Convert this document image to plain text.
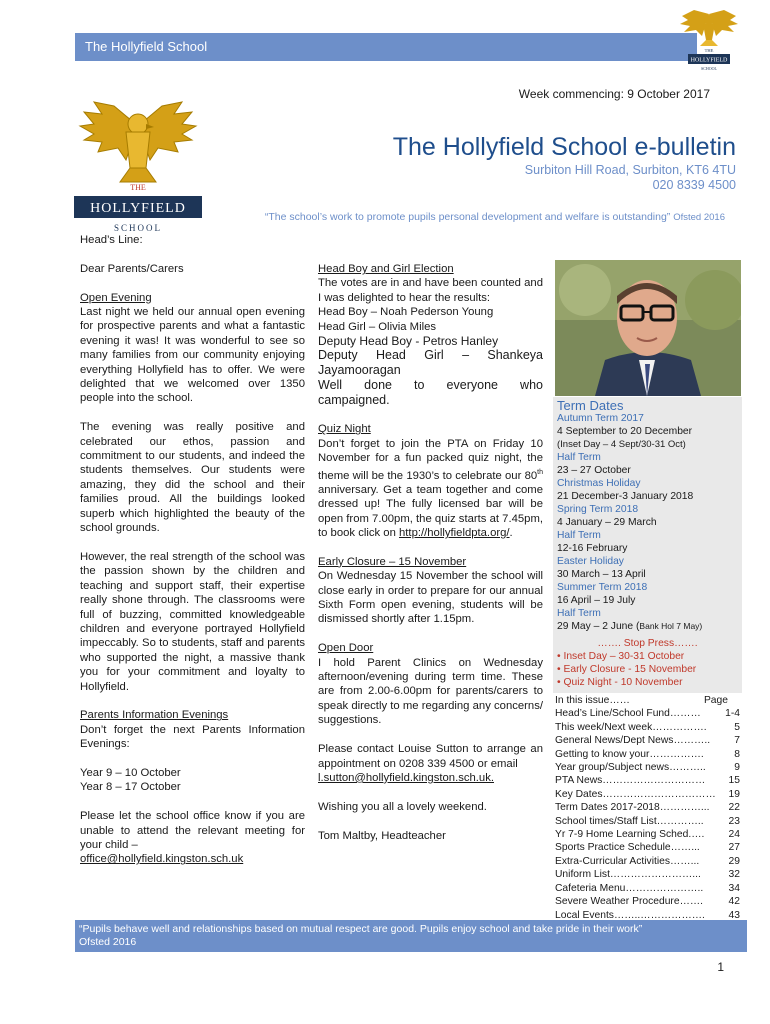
The Hollyfield School	THE
HOLLYFIELD
SCHOOL
Week commencing: 9 October 2017
THE
HOLLYFIELD
SCHOOL
The Hollyfield School e-bulletin
Surbiton Hill Road, Surbiton, KT6 4TU
020 8339 4500
“The school’s work to promote pupils personal development and welfare is outstanding” Ofsted 2016

Head’s Line:

Dear Parents/Carers

Open Evening

Last night we held our annual open evening for prospective parents and what a fantastic evening it was! It was wonderful to see so many families from our community enjoying everything Hollyfield has to offer. We were delighted that we welcomed over 1350 people into the school.

The evening was really positive and celebrated our ethos, passion and commitment to our students, and indeed the students themselves. Our students were amazing, they did the school and their families proud. All the buildings looked superb which highlighted the beauty of the school grounds.

However, the real strength of the school was the passion shown by the children and teaching and support staff, their expertise really shone through. The classrooms were full of buzzing, committed knowledgeable children and everyone portrayed Hollyfield impeccably. So to students, staff and parents who supported the night, a massive thank you for your commitment and loyalty to Hollyfield.

Parents Information Evenings

Don’t forget the next Parents Information Evenings:

Year 9 – 10 October

Year 8 – 17 October

Please let the school office know if you are unable to attend the relevant meeting for your child –
office@hollyfield.kingston.sch.uk
Head Boy and Girl Election
The votes are in and have been counted and I was delighted to hear the results:
Head Boy – Noah Pederson Young
Head Girl – Olivia Miles
Deputy Head Boy - Petros Hanley
Deputy Head Girl – Shankeya Jayamooragan

Well done to everyone who campaigned.

Quiz Night

Don’t forget to join the PTA on Friday 10 November for a fun packed quiz night, the theme will be the 1930’s to celebrate our 80th anniversary. Get a team together and come dressed up! The fully licensed bar will be open from 7.00pm, the quiz starts at 7.45pm, to book click on http://hollyfieldpta.org/.

Early Closure – 15 November

On Wednesday 15 November the school will close early in order to prepare for our annual Sixth Form open evening, students will be dismissed shortly after 1.15pm.

Open Door

I hold Parent Clinics on Wednesday afternoon/evening during term time. These are from 2.00-6.00pm for parents/carers to speak directly to me regarding any concerns/ suggestions.

Please contact Louise Sutton to arrange an appointment on 0208 339 4500 or email

l.sutton@hollyfield.kingston.sch.uk.

Wishing you all a lovely weekend.

Tom Maltby, Headteacher
Term Dates
Autumn Term 2017
4 September to 20 December
(Inset Day – 4 Sept/30-31 Oct)
Half Term
23 – 27 October
Christmas Holiday
21 December-3 January 2018
Spring Term 2018
4 January – 29 March
Half Term
12-16 February
Easter Holiday
30 March – 13 April
Summer Term 2018
16 April – 19 July
Half Term
29 May – 2 June (Bank Hol 7 May)
……. Stop Press…….
• Inset Day – 30-31 October
• Early Closure - 15 November
• Quiz Night - 10 November
In this issue……	Page
Head’s Line/School Fund……… 1-4
This week/Next week…………….	5
General News/Dept News……….. 7
Getting to know your…………….	8
Year group/Subject news………..	9
PTA News………………………… 15
Key Dates…………………………… 19
Term Dates 2017-2018…………... 22
School times/Staff List………….. 23
Yr 7-9 Home Learning Sched.…. 24
Sports Practice Schedule……...	27
Extra-Curricular Activities……...	29
Uniform List……………………...	32
Cafeteria Menu………………….. 34
Severe Weather Procedure……. 42
Local Events……..………………. 43
“Pupils behave well and relationships based on mutual respect are good. Pupils enjoy school and take pride in their work”
Ofsted 2016
1
